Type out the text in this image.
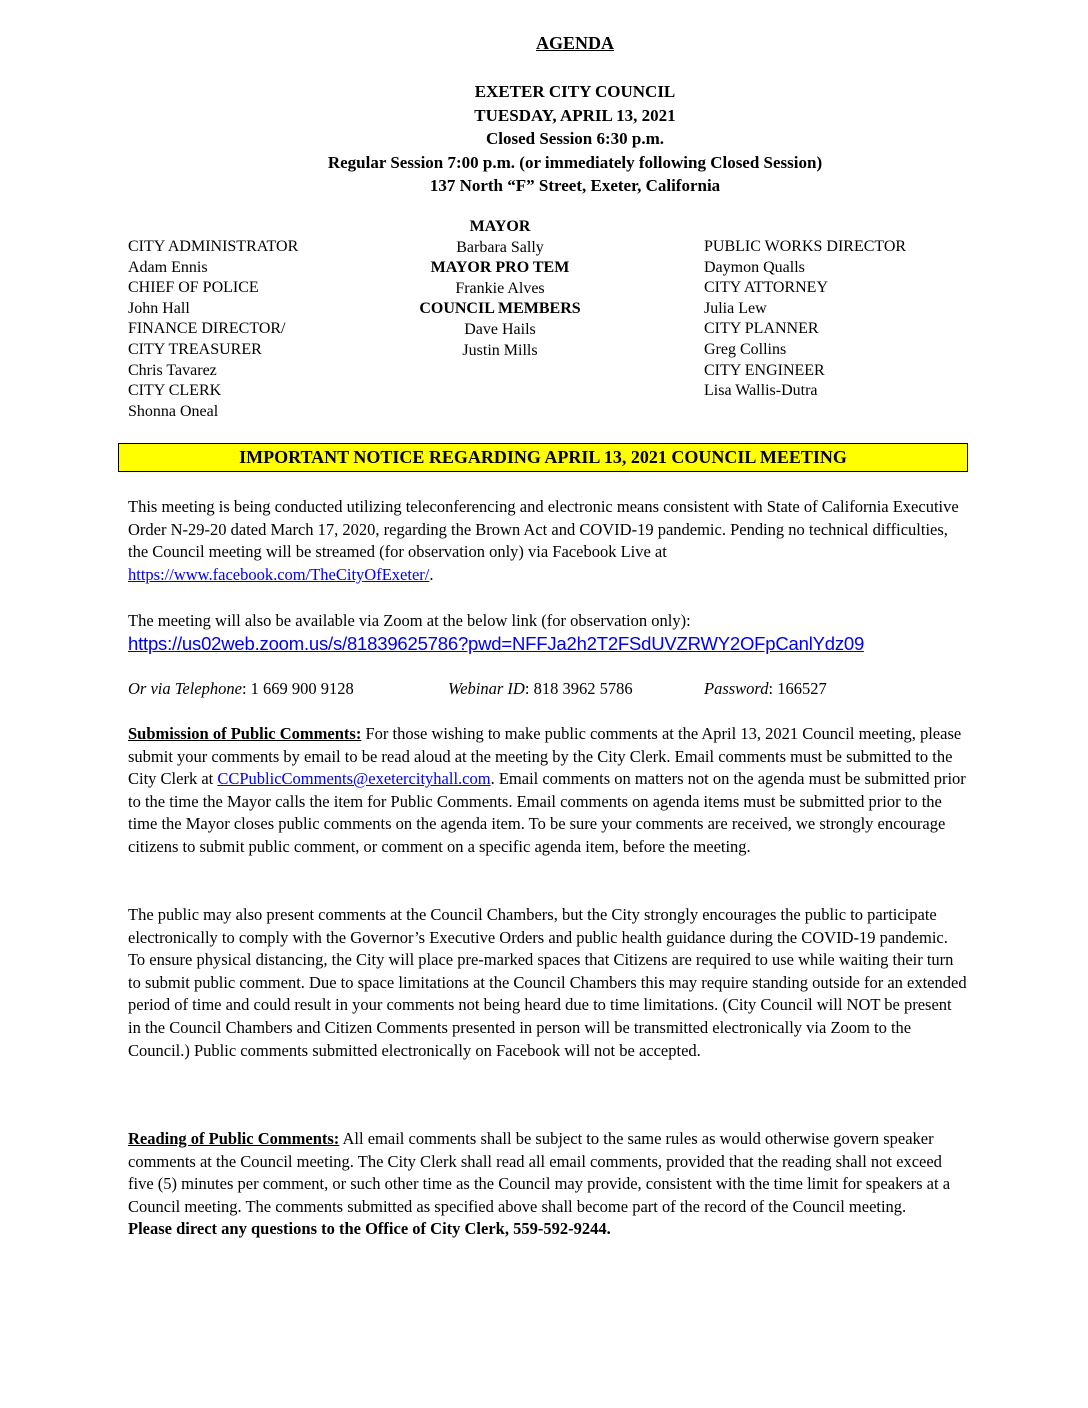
AGENDA
EXETER CITY COUNCIL
TUESDAY, APRIL 13, 2021
Closed Session 6:30 p.m.
Regular Session 7:00 p.m. (or immediately following Closed Session)
137 North “F” Street, Exeter, California
CITY ADMINISTRATOR
Adam Ennis
CHIEF OF POLICE
John Hall
FINANCE DIRECTOR/
CITY TREASURER
Chris Tavarez
CITY CLERK
Shonna Oneal
MAYOR
Barbara Sally
MAYOR PRO TEM
Frankie Alves
COUNCIL MEMBERS
Dave Hails
Justin Mills
PUBLIC WORKS DIRECTOR
Daymon Qualls
CITY ATTORNEY
Julia Lew
CITY PLANNER
Greg Collins
CITY ENGINEER
Lisa Wallis-Dutra
IMPORTANT NOTICE REGARDING APRIL 13, 2021 COUNCIL MEETING
This meeting is being conducted utilizing teleconferencing and electronic means consistent with State of California Executive Order N-29-20 dated March 17, 2020, regarding the Brown Act and COVID-19 pandemic. Pending no technical difficulties, the Council meeting will be streamed (for observation only) via Facebook Live at https://www.facebook.com/TheCityOfExeter/.
The meeting will also be available via Zoom at the below link (for observation only):
https://us02web.zoom.us/s/81839625786?pwd=NFFJa2h2T2FSdUVZRWY2OFpCanlYdz09
Or via Telephone: 1 669 900 9128	Webinar ID: 818 3962 5786	Password: 166527
Submission of Public Comments: For those wishing to make public comments at the April 13, 2021 Council meeting, please submit your comments by email to be read aloud at the meeting by the City Clerk. Email comments must be submitted to the City Clerk at CCPublicComments@exetercityhall.com. Email comments on matters not on the agenda must be submitted prior to the time the Mayor calls the item for Public Comments. Email comments on agenda items must be submitted prior to the time the Mayor closes public comments on the agenda item. To be sure your comments are received, we strongly encourage citizens to submit public comment, or comment on a specific agenda item, before the meeting.
The public may also present comments at the Council Chambers, but the City strongly encourages the public to participate electronically to comply with the Governor’s Executive Orders and public health guidance during the COVID-19 pandemic. To ensure physical distancing, the City will place pre-marked spaces that Citizens are required to use while waiting their turn to submit public comment. Due to space limitations at the Council Chambers this may require standing outside for an extended period of time and could result in your comments not being heard due to time limitations. (City Council will NOT be present in the Council Chambers and Citizen Comments presented in person will be transmitted electronically via Zoom to the Council.) Public comments submitted electronically on Facebook will not be accepted.
Reading of Public Comments: All email comments shall be subject to the same rules as would otherwise govern speaker comments at the Council meeting. The City Clerk shall read all email comments, provided that the reading shall not exceed five (5) minutes per comment, or such other time as the Council may provide, consistent with the time limit for speakers at a Council meeting. The comments submitted as specified above shall become part of the record of the Council meeting.
Please direct any questions to the Office of City Clerk, 559-592-9244.
